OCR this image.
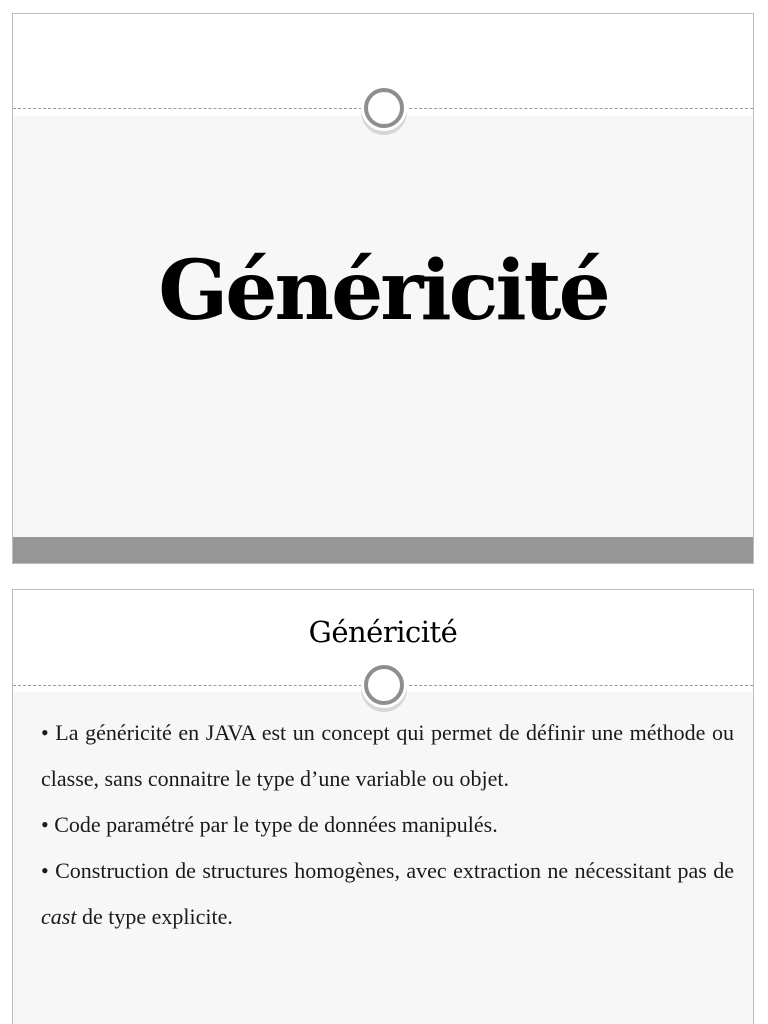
Généricité
Généricité
• La généricité en JAVA est un concept qui permet de définir une méthode ou classe, sans connaitre le type d’une variable ou objet.
• Code paramétré par le type de données manipulés.
• Construction de structures homogènes, avec extraction ne nécessitant pas de cast de type explicite.
